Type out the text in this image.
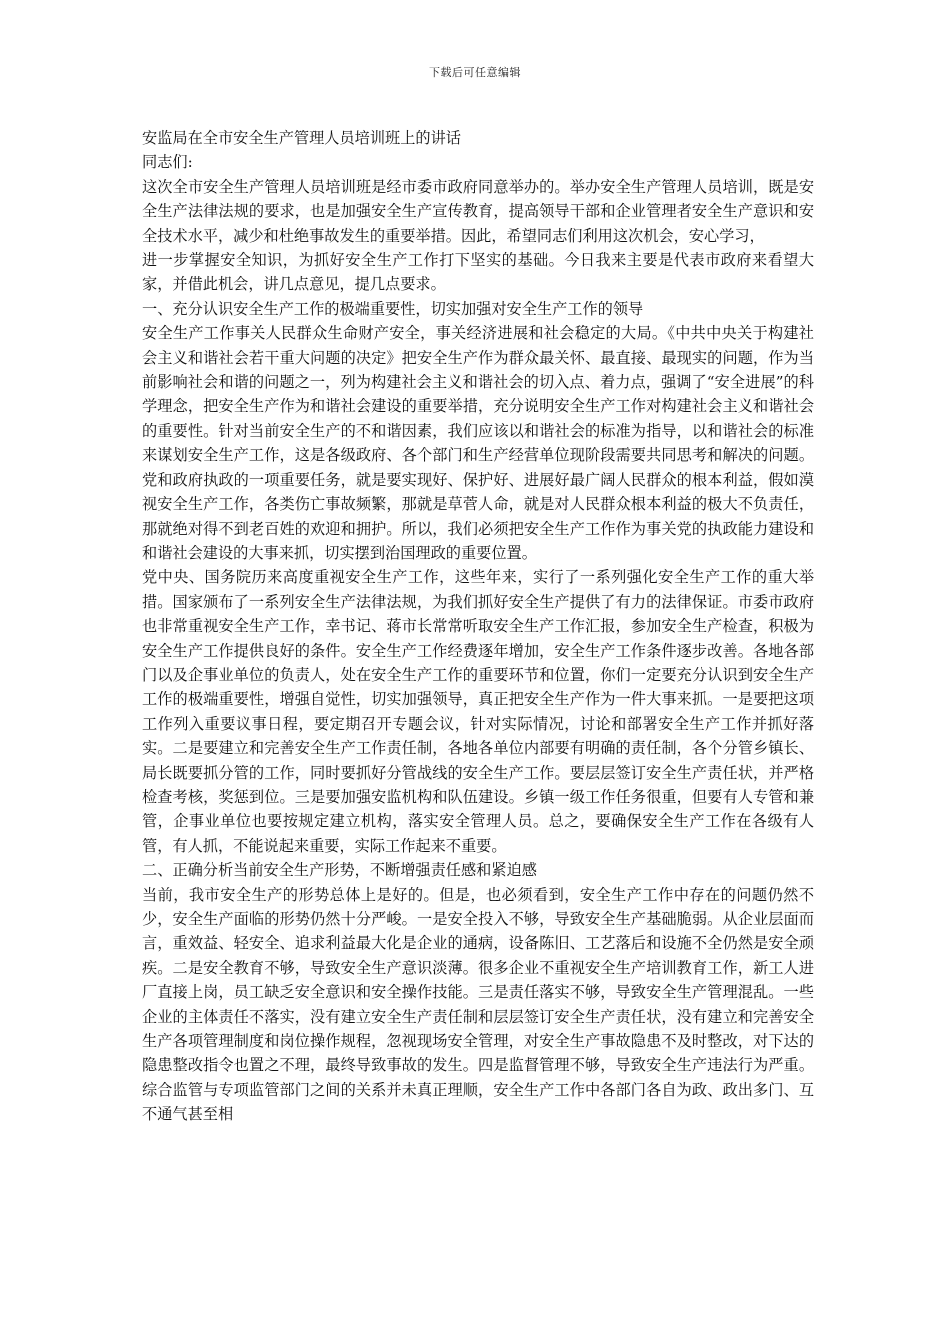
下载后可任意编辑

安监局在全市安全生产管理人员培训班上的讲话

同志们:

这次全市安全生产管理人员培训班是经市委市政府同意举办的。举办安全生产管理人员培训，既是安全生产法律法规的要求，也是加强安全生产宣传教育，提高领导干部和企业管理者安全生产意识和安全技术水平，减少和杜绝事故发生的重要举措。因此，希望同志们利用这次机会，安心学习，

进一步掌握安全知识，为抓好安全生产工作打下坚实的基础。今日我来主要是代表市政府来看望大家，并借此机会，讲几点意见，提几点要求。

一、充分认识安全生产工作的极端重要性，切实加强对安全生产工作的领导

安全生产工作事关人民群众生命财产安全，事关经济进展和社会稳定的大局。《中共中央关于构建社会主义和谐社会若干重大问题的决定》把安全生产作为群众最关怀、最直接、最现实的问题，作为当前影响社会和谐的问题之一，列为构建社会主义和谐社会的切入点、着力点，强调了“安全进展”的科学理念，把安全生产作为和谐社会建设的重要举措，充分说明安全生产工作对构建社会主义和谐社会的重要性。针对当前安全生产的不和谐因素，我们应该以和谐社会的标准为指导，以和谐社会的标准来谋划安全生产工作，这是各级政府、各个部门和生产经营单位现阶段需要共同思考和解决的问题。党和政府执政的一项重要任务，就是要实现好、保护好、进展好最广阔人民群众的根本利益，假如漠视安全生产工作，各类伤亡事故频繁，那就是草菅人命，就是对人民群众根本利益的极大不负责任，那就绝对得不到老百姓的欢迎和拥护。所以，我们必须把安全生产工作作为事关党的执政能力建设和和谐社会建设的大事来抓，切实摆到治国理政的重要位置。

党中央、国务院历来高度重视安全生产工作，这些年来，实行了一系列强化安全生产工作的重大举措。国家颁布了一系列安全生产法律法规，为我们抓好安全生产提供了有力的法律保证。市委市政府也非常重视安全生产工作，幸书记、蒋市长常常听取安全生产工作汇报，参加安全生产检查，积极为安全生产工作提供良好的条件。安全生产工作经费逐年增加，安全生产工作条件逐步改善。各地各部门以及企事业单位的负责人，处在安全生产工作的重要环节和位置，你们一定要充分认识到安全生产工作的极端重要性，增强自觉性，切实加强领导，真正把安全生产作为一件大事来抓。一是要把这项工作列入重要议事日程，要定期召开专题会议，针对实际情况，讨论和部署安全生产工作并抓好落实。二是要建立和完善安全生产工作责任制，各地各单位内部要有明确的责任制，各个分管乡镇长、局长既要抓分管的工作，同时要抓好分管战线的安全生产工作。要层层签订安全生产责任状，并严格检查考核，奖惩到位。三是要加强安监机构和队伍建设。乡镇一级工作任务很重，但要有人专管和兼管，企事业单位也要按规定建立机构，落实安全管理人员。总之，要确保安全生产工作在各级有人管，有人抓，不能说起来重要，实际工作起来不重要。

二、正确分析当前安全生产形势，不断增强责任感和紧迫感

当前，我市安全生产的形势总体上是好的。但是，也必须看到，安全生产工作中存在的问题仍然不少，安全生产面临的形势仍然十分严峻。一是安全投入不够，导致安全生产基础脆弱。从企业层面而言，重效益、轻安全、追求利益最大化是企业的通病，设备陈旧、工艺落后和设施不全仍然是安全顽疾。二是安全教育不够，导致安全生产意识淡薄。很多企业不重视安全生产培训教育工作，新工人进厂直接上岗，员工缺乏安全意识和安全操作技能。三是责任落实不够，导致安全生产管理混乱。一些企业的主体责任不落实，没有建立安全生产责任制和层层签订安全生产责任状，没有建立和完善安全生产各项管理制度和岗位操作规程，忽视现场安全管理，对安全生产事故隐患不及时整改，对下达的隐患整改指令也置之不理，最终导致事故的发生。四是监督管理不够，导致安全生产违法行为严重。综合监管与专项监管部门之间的关系并未真正理顺，安全生产工作中各部门各自为政、政出多门、互不通气甚至相
